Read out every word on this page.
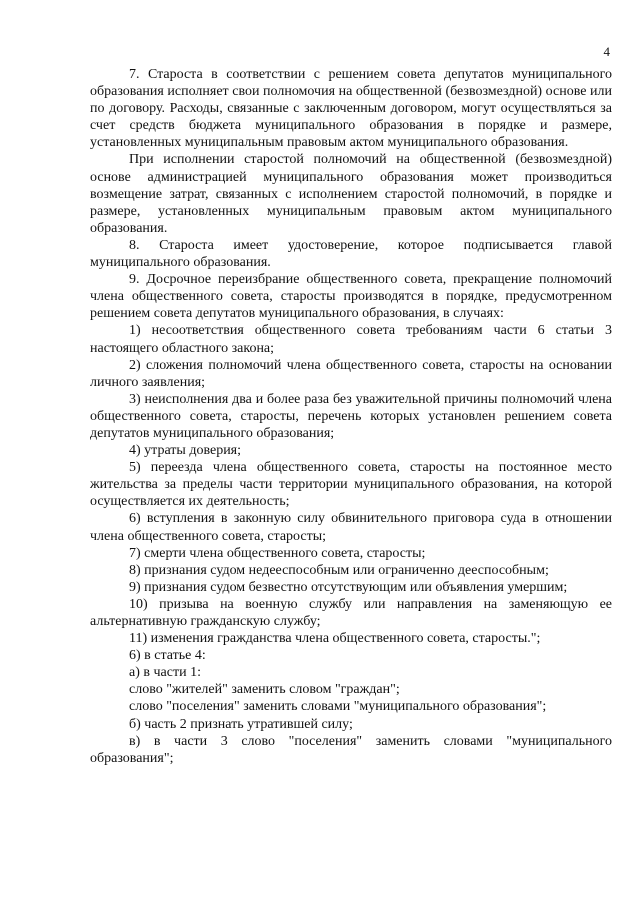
4

7. Староста в соответствии с решением совета депутатов муниципального образования исполняет свои полномочия на общественной (безвозмездной) основе или по договору. Расходы, связанные с заключенным договором, могут осуществляться за счет средств бюджета муниципального образования в порядке и размере, установленных муниципальным правовым актом муниципального образования.

При исполнении старостой полномочий на общественной (безвозмездной) основе администрацией муниципального образования может производиться возмещение затрат, связанных с исполнением старостой полномочий, в порядке и размере, установленных муниципальным правовым актом муниципального образования.

8. Староста имеет удостоверение, которое подписывается главой муниципального образования.

9. Досрочное переизбрание общественного совета, прекращение полномочий члена общественного совета, старосты производятся в порядке, предусмотренном решением совета депутатов муниципального образования, в случаях:

1) несоответствия общественного совета требованиям части 6 статьи 3 настоящего областного закона;

2) сложения полномочий члена общественного совета, старосты на основании личного заявления;

3) неисполнения два и более раза без уважительной причины полномочий члена общественного совета, старосты, перечень которых установлен решением совета депутатов муниципального образования;

4) утраты доверия;

5) переезда члена общественного совета, старосты на постоянное место жительства за пределы части территории муниципального образования, на которой осуществляется их деятельность;

6) вступления в законную силу обвинительного приговора суда в отношении члена общественного совета, старосты;

7) смерти члена общественного совета, старосты;

8) признания судом недееспособным или ограниченно дееспособным;

9) признания судом безвестно отсутствующим или объявления умершим;

10) призыва на военную службу или направления на заменяющую ее альтернативную гражданскую службу;

11) изменения гражданства члена общественного совета, старосты.";

6) в статье 4:

а) в части 1:

слово "жителей" заменить словом "граждан";

слово "поселения" заменить словами "муниципального образования";

б) часть 2 признать утратившей силу;

в) в части 3 слово "поселения" заменить словами "муниципального образования";
